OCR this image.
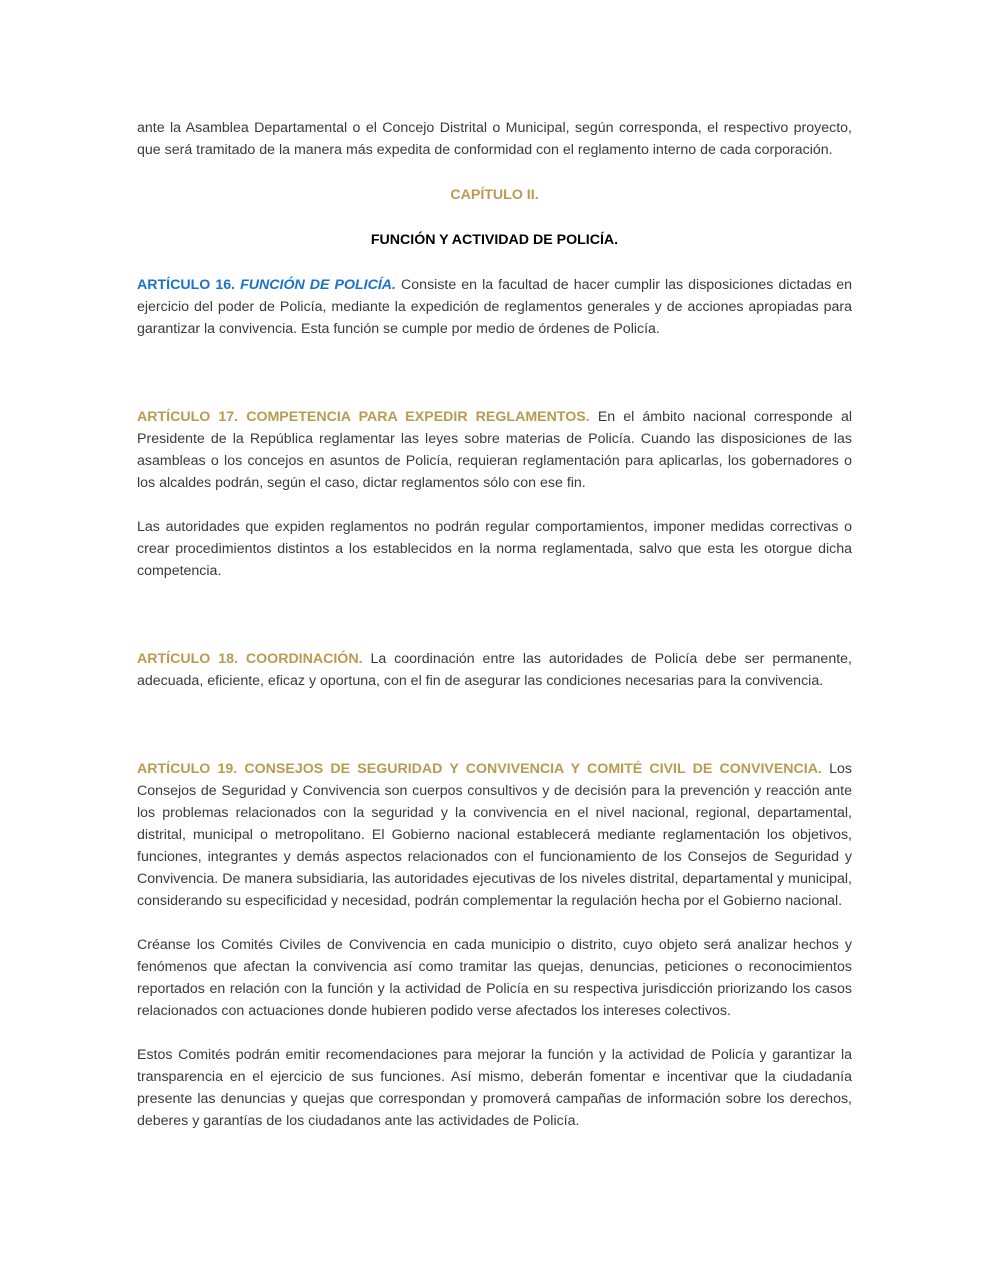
ante la Asamblea Departamental o el Concejo Distrital o Municipal, según corresponda, el respectivo proyecto, que será tramitado de la manera más expedita de conformidad con el reglamento interno de cada corporación.

CAPÍTULO II.

FUNCIÓN Y ACTIVIDAD DE POLICÍA.

ARTÍCULO 16. FUNCIÓN DE POLICÍA. Consiste en la facultad de hacer cumplir las disposiciones dictadas en ejercicio del poder de Policía, mediante la expedición de reglamentos generales y de acciones apropiadas para garantizar la convivencia. Esta función se cumple por medio de órdenes de Policía.

ARTÍCULO 17. COMPETENCIA PARA EXPEDIR REGLAMENTOS. En el ámbito nacional corresponde al Presidente de la República reglamentar las leyes sobre materias de Policía. Cuando las disposiciones de las asambleas o los concejos en asuntos de Policía, requieran reglamentación para aplicarlas, los gobernadores o los alcaldes podrán, según el caso, dictar reglamentos sólo con ese fin.

Las autoridades que expiden reglamentos no podrán regular comportamientos, imponer medidas correctivas o crear procedimientos distintos a los establecidos en la norma reglamentada, salvo que esta les otorgue dicha competencia.

ARTÍCULO 18. COORDINACIÓN. La coordinación entre las autoridades de Policía debe ser permanente, adecuada, eficiente, eficaz y oportuna, con el fin de asegurar las condiciones necesarias para la convivencia.

ARTÍCULO 19. CONSEJOS DE SEGURIDAD Y CONVIVENCIA Y COMITÉ CIVIL DE CONVIVENCIA. Los Consejos de Seguridad y Convivencia son cuerpos consultivos y de decisión para la prevención y reacción ante los problemas relacionados con la seguridad y la convivencia en el nivel nacional, regional, departamental, distrital, municipal o metropolitano. El Gobierno nacional establecerá mediante reglamentación los objetivos, funciones, integrantes y demás aspectos relacionados con el funcionamiento de los Consejos de Seguridad y Convivencia. De manera subsidiaria, las autoridades ejecutivas de los niveles distrital, departamental y municipal, considerando su especificidad y necesidad, podrán complementar la regulación hecha por el Gobierno nacional.

Créanse los Comités Civiles de Convivencia en cada municipio o distrito, cuyo objeto será analizar hechos y fenómenos que afectan la convivencia así como tramitar las quejas, denuncias, peticiones o reconocimientos reportados en relación con la función y la actividad de Policía en su respectiva jurisdicción priorizando los casos relacionados con actuaciones donde hubieren podido verse afectados los intereses colectivos.

Estos Comités podrán emitir recomendaciones para mejorar la función y la actividad de Policía y garantizar la transparencia en el ejercicio de sus funciones. Así mismo, deberán fomentar e incentivar que la ciudadanía presente las denuncias y quejas que correspondan y promoverá campañas de información sobre los derechos, deberes y garantías de los ciudadanos ante las actividades de Policía.
